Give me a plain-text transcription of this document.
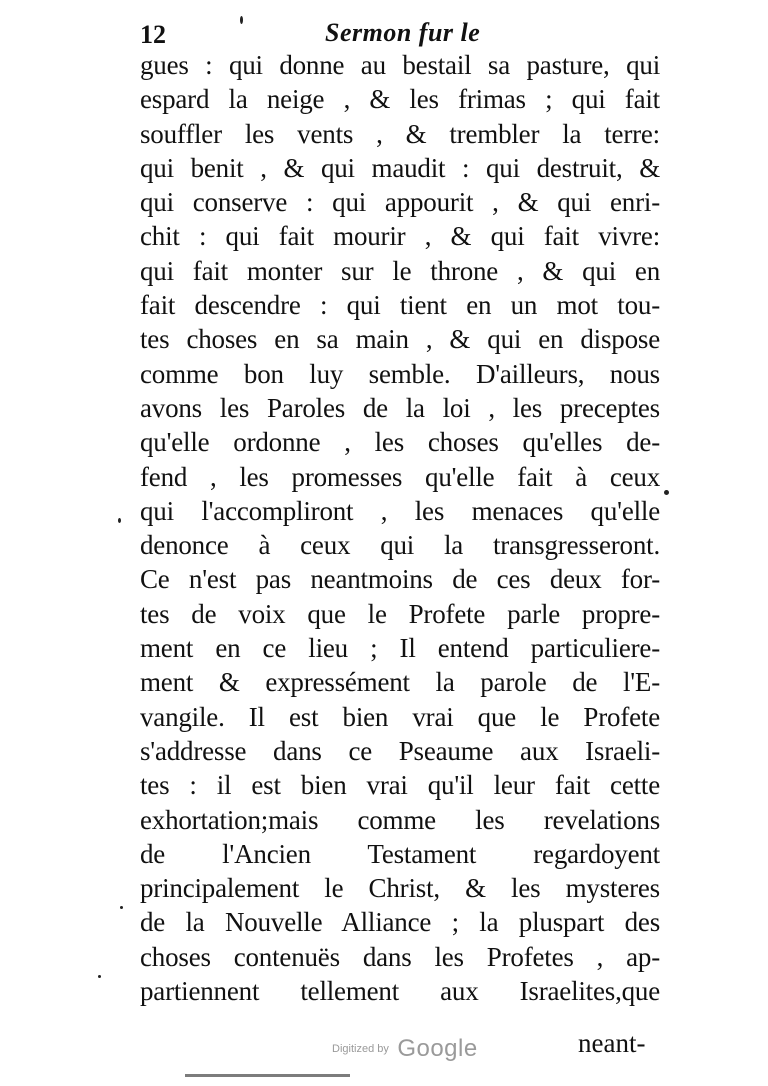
12	Sermon fur le
gues : qui donne au bestail sa pasture, qui
espard la neige , & les frimas ; qui fait
souffler les vents , & trembler la terre:
qui benit , & qui maudit : qui destruit, &
qui conserve : qui appourit , & qui enri-
chit : qui fait mourir , & qui fait vivre:
qui fait monter sur le throne , & qui en
fait descendre : qui tient en un mot tou-
tes choses en sa main , & qui en dispose
comme bon luy semble. D'ailleurs, nous
avons les Paroles de la loi , les preceptes
qu'elle ordonne , les choses qu'elles de-
fend , les promesses qu'elle fait à ceux
qui l'accompliront , les menaces qu'elle
denonce à ceux qui la transgresseront.
Ce n'est pas neantmoins de ces deux for-
tes de voix que le Profete parle propre-
ment en ce lieu ; Il entend particuliere-
ment & expressément la parole de l'E-
vangile. Il est bien vrai que le Profete
s'addresse dans ce Pseaume aux Israeli-
tes : il est bien vrai qu'il leur fait cette
exhortation;mais comme les revelations
de l'Ancien Testament regardoyent
principalement le Christ, & les mysteres
de la Nouvelle Alliance ; la pluspart des
choses contenuës dans les Profetes , ap-
partiennent tellement aux Israelites,que
neant-
Digitized by Google
